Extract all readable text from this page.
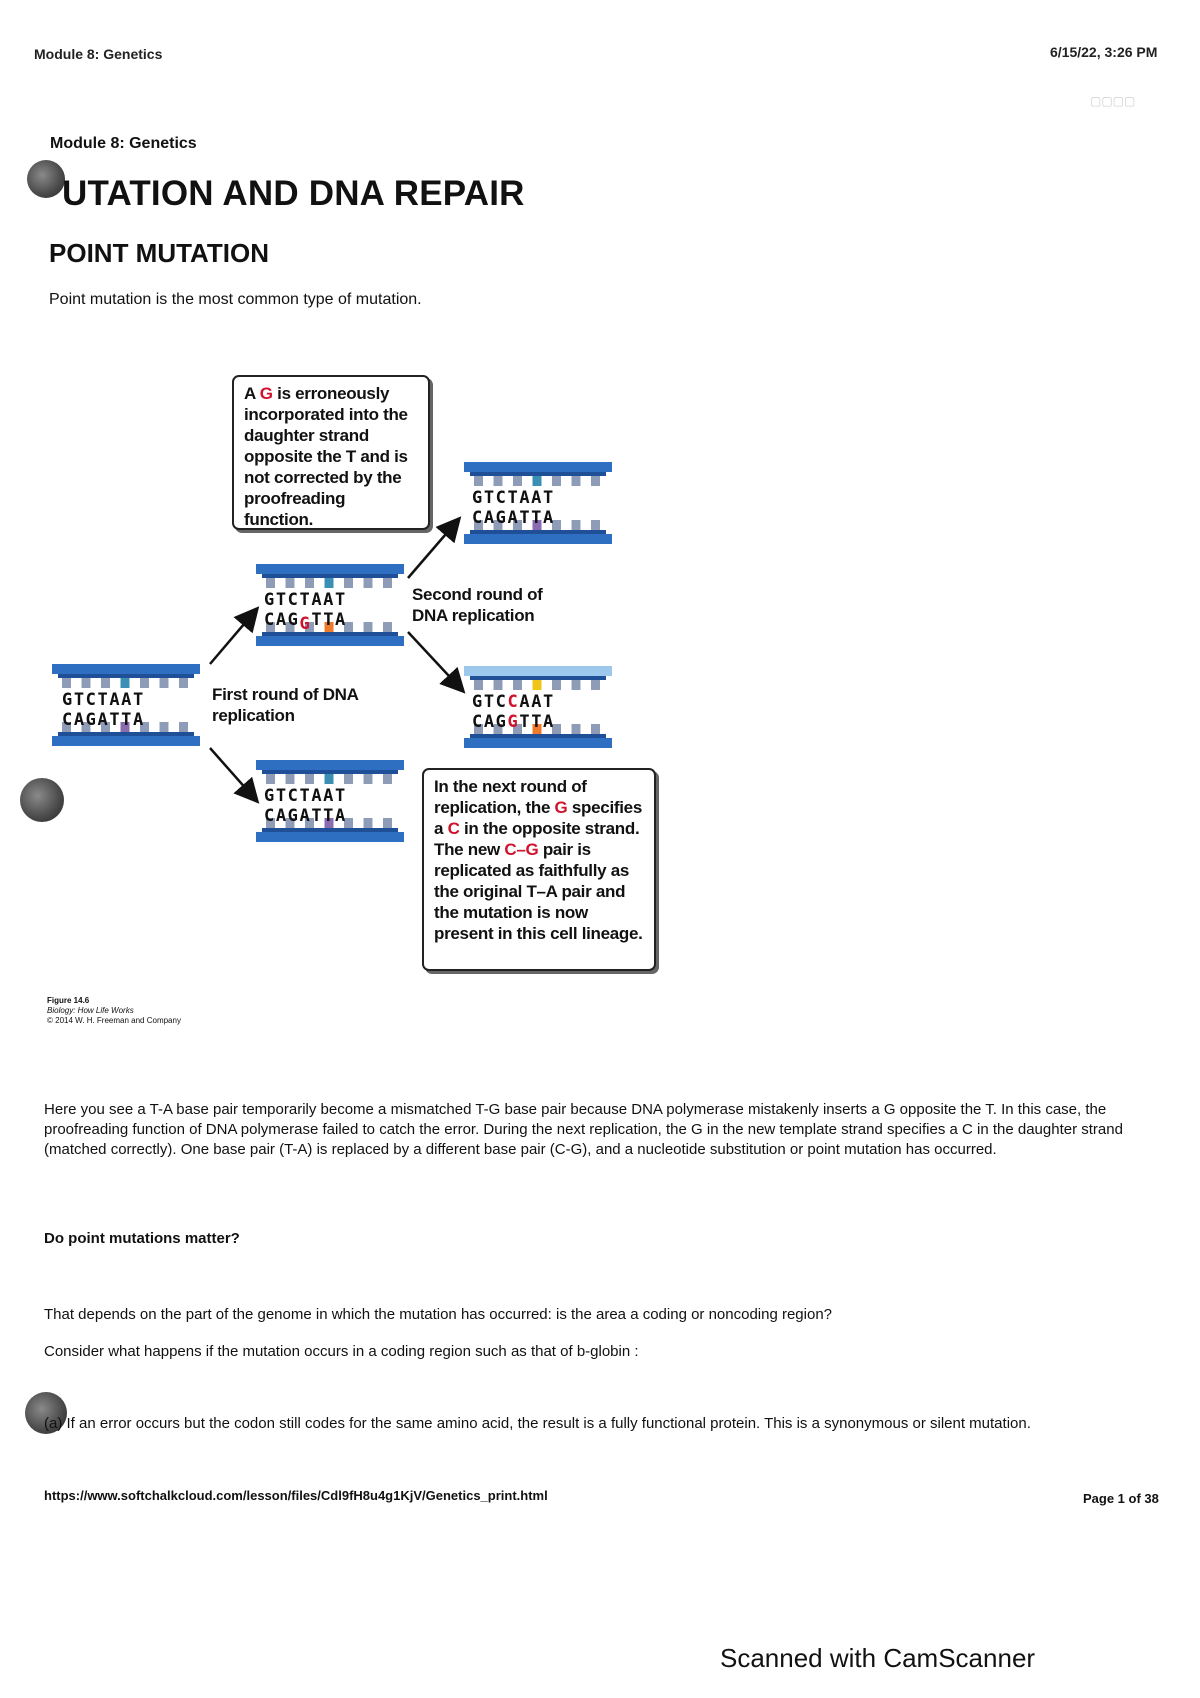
▢▢▢▢
Module 8: Genetics	6/15/22, 3:26 PM
Module 8: Genetics
UTATION AND DNA REPAIR
POINT MUTATION
Point mutation is the most common type of mutation.
A G is erroneously incorporated into the daughter strand opposite the T and is not corrected by the proofreading function.
Second round of DNA replication
First round of DNA replication
GTCTAAT
CAGATTA
GTCTAAT
CAGGTTA
GTCTAAT
CAGATTA
GTCTAAT
CAGATTA
GTCCAAT
CAGGTTA
In the next round of replication, the G specifies a C in the opposite strand. The new C–G pair is replicated as faithfully as the original T–A pair and the mutation is now present in this cell lineage.
Figure 14.6
Biology: How Life Works
© 2014 W. H. Freeman and Company
Here you see a T-A base pair temporarily become a mismatched T-G base pair because DNA polymerase mistakenly inserts a G opposite the T. In this case, the proofreading function of DNA polymerase failed to catch the error. During the next replication, the G in the new template strand specifies a C in the daughter strand (matched correctly). One base pair (T-A) is replaced by a different base pair (C-G), and a nucleotide substitution or point mutation has occurred.
Do point mutations matter?
That depends on the part of the genome in which the mutation has occurred: is the area a coding or noncoding region?
Consider what happens if the mutation occurs in a coding region such as that of b-globin :
(a) If an error occurs but the codon still codes for the same amino acid, the result is a fully functional protein. This is a synonymous or silent mutation.
https://www.softchalkcloud.com/lesson/files/Cdl9fH8u4g1KjV/Genetics_print.html	Page 1 of 38
Scanned with CamScanner
